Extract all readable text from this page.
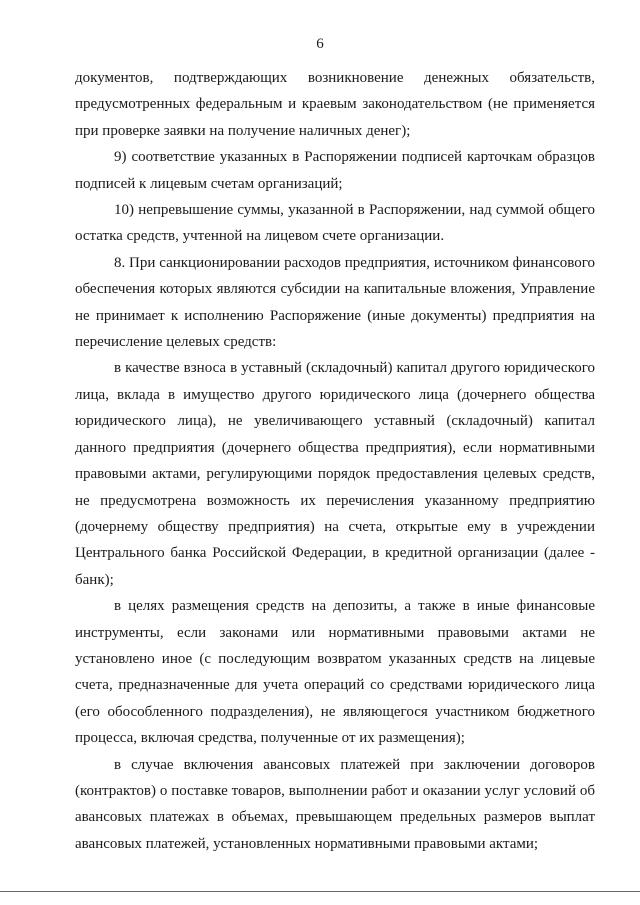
6

документов, подтверждающих возникновение денежных обязательств, предусмотренных федеральным и краевым законодательством (не применяется при проверке заявки на получение наличных денег);

9) соответствие указанных в Распоряжении подписей карточкам образцов подписей к лицевым счетам организаций;

10) непревышение суммы, указанной в Распоряжении, над суммой общего остатка средств, учтенной на лицевом счете организации.

8. При санкционировании расходов предприятия, источником финансового обеспечения которых являются субсидии на капитальные вложения, Управление не принимает к исполнению Распоряжение (иные документы) предприятия на перечисление целевых средств:

в качестве взноса в уставный (складочный) капитал другого юридического лица, вклада в имущество другого юридического лица (дочернего общества юридического лица), не увеличивающего уставный (складочный) капитал данного предприятия (дочернего общества предприятия), если нормативными правовыми актами, регулирующими порядок предоставления целевых средств, не предусмотрена возможность их перечисления указанному предприятию (дочернему обществу предприятия) на счета, открытые ему в учреждении Центрального банка Российской Федерации, в кредитной организации (далее - банк);

в целях размещения средств на депозиты, а также в иные финансовые инструменты, если законами или нормативными правовыми актами не установлено иное (с последующим возвратом указанных средств на лицевые счета, предназначенные для учета операций со средствами юридического лица (его обособленного подразделения), не являющегося участником бюджетного процесса, включая средства, полученные от их размещения);

в случае включения авансовых платежей при заключении договоров (контрактов) о поставке товаров, выполнении работ и оказании услуг условий об авансовых платежах в объемах, превышающем предельных размеров выплат авансовых платежей, установленных нормативными правовыми актами;
